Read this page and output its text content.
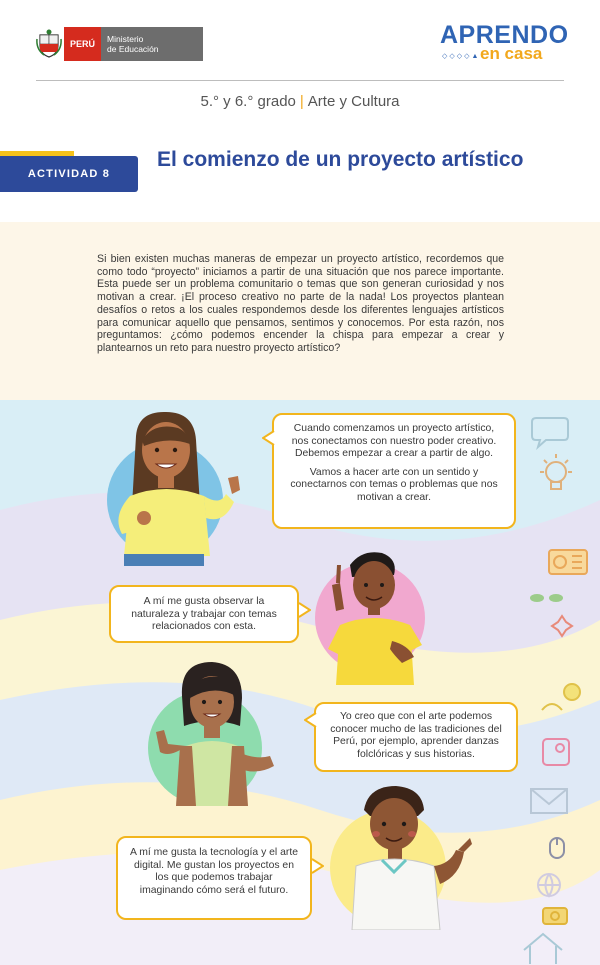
PERÚ	Ministerio
de Educación	APRENDO
◇◇◇◇▲ en casa
5.° y 6.° grado | Arte y Cultura
ACTIVIDAD 8
El comienzo de un proyecto artístico

Si bien existen muchas maneras de empezar un proyecto artístico, recordemos que como todo “proyecto” iniciamos a partir de una situación que nos parece importante. Esta puede ser un problema comunitario o temas que son generan curiosidad y nos motivan a crear. ¡El proceso creativo no parte de la nada! Los proyectos plantean desafíos o retos a los cuales respondemos desde los diferentes lenguajes artísticos para comunicar aquello que pensamos, sentimos y conocemos. Por esta razón, nos preguntamos: ¿cómo podemos encender la chispa para empezar a crear y plantearnos un reto para nuestro proyecto artístico?

Cuando comenzamos un proyecto artístico, nos conectamos con nuestro poder creativo. Debemos empezar a crear a partir de algo.

Vamos a hacer arte con un sentido y conectarnos con temas o problemas que nos motivan a crear.

A mí me gusta observar la naturaleza y trabajar con temas relacionados con esta.

Yo creo que con el arte podemos conocer mucho de las tradiciones del Perú, por ejemplo, aprender danzas folclóricas y sus historias.

A mí me gusta la tecnología y el arte digital. Me gustan los proyectos en los que podemos trabajar imaginando cómo será el futuro.
